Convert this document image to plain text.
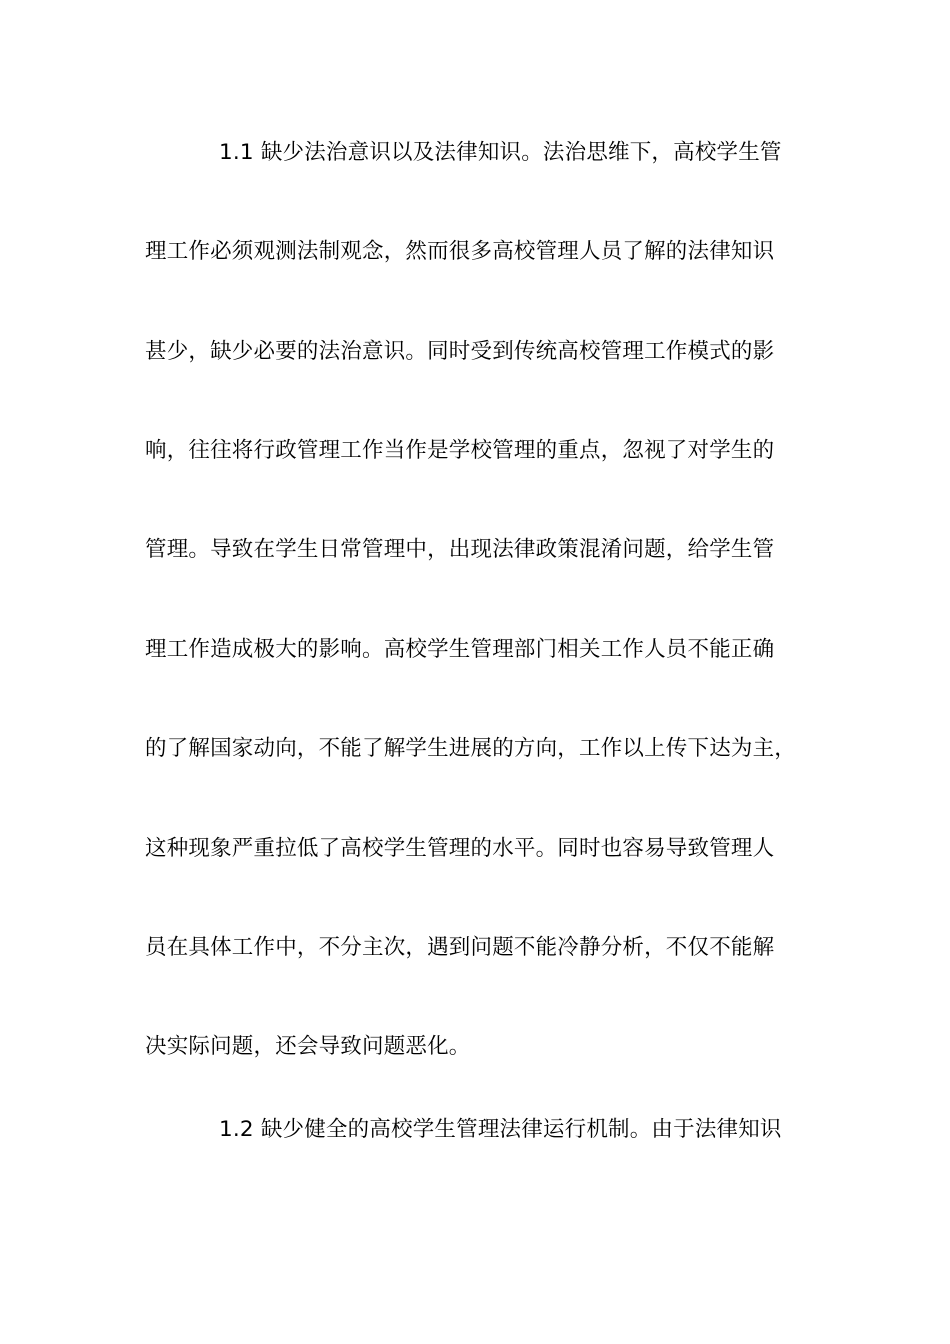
1.1 缺少法治意识以及法律知识。法治思维下，高校学生管
理工作必须观测法制观念，然而很多高校管理人员了解的法律知识
甚少，缺少必要的法治意识。同时受到传统高校管理工作模式的影
响，往往将行政管理工作当作是学校管理的重点，忽视了对学生的
管理。导致在学生日常管理中，出现法律政策混淆问题，给学生管
理工作造成极大的影响。高校学生管理部门相关工作人员不能正确
的了解国家动向，不能了解学生进展的方向，工作以上传下达为主，
这种现象严重拉低了高校学生管理的水平。同时也容易导致管理人
员在具体工作中，不分主次，遇到问题不能冷静分析，不仅不能解
决实际问题，还会导致问题恶化。
1.2 缺少健全的高校学生管理法律运行机制。由于法律知识
